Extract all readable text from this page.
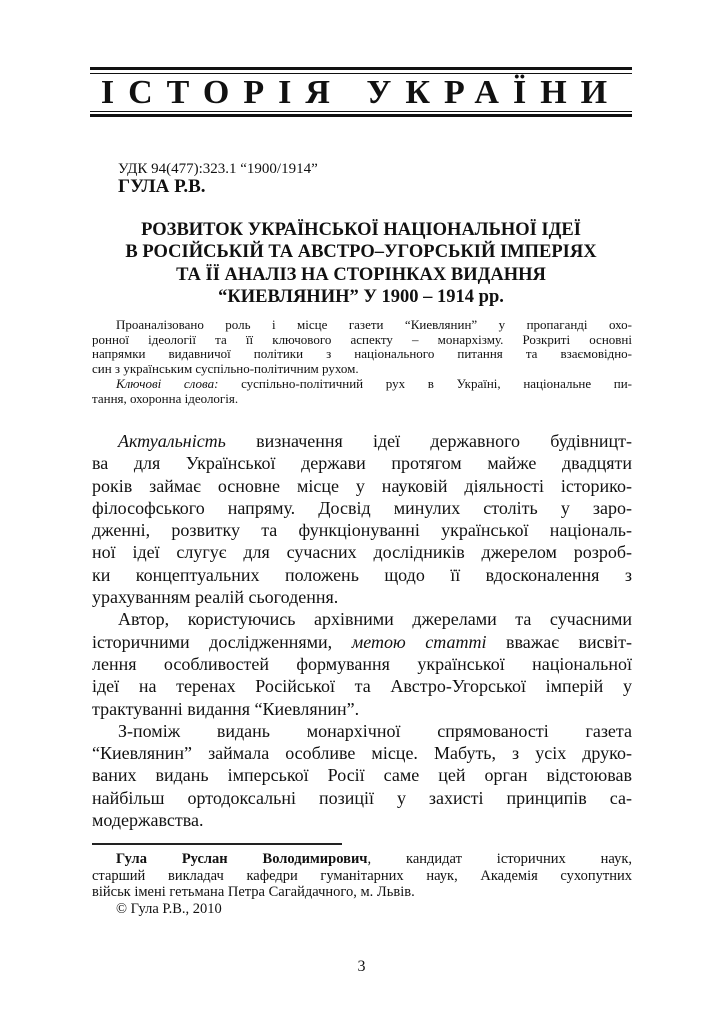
ІСТОРІЯ УКРАЇНИ
УДК 94(477):323.1 “1900/1914”
ГУЛА Р.В.
РОЗВИТОК УКРАЇНСЬКОЇ НАЦІОНАЛЬНОЇ ІДЕЇ
В РОСІЙСЬКІЙ ТА АВСТРО–УГОРСЬКІЙ ІМПЕРІЯХ
ТА ЇЇ АНАЛІЗ НА СТОРІНКАХ ВИДАННЯ
“КИЕВЛЯНИН” У 1900 – 1914 рр.
Проаналізовано роль і місце газети “Киевлянин” у пропаганді охо-
ронної ідеології та її ключового аспекту – монархізму. Розкриті основні
напрямки видавничої політики з національного питання та взаємовідно-
син з українським суспільно-політичним рухом.
Ключові слова: суспільно-політичний рух в Україні, національне пи-
тання, охоронна ідеологія.
Актуальність визначення ідеї державного будівницт-
ва для Української держави протягом майже двадцяти
років займає основне місце у науковій діяльності історико-
філософського напряму. Досвід минулих століть у заро-
дженні, розвитку та функціонуванні української національ-
ної ідеї слугує для сучасних дослідників джерелом розроб-
ки концептуальних положень щодо її вдосконалення з
урахуванням реалій сьогодення.
Автор, користуючись архівними джерелами та сучасними
історичними дослідженнями, метою статті вважає висвіт-
лення особливостей формування української національної
ідеї на теренах Російської та Австро-Угорської імперій у
трактуванні видання “Киевлянин”.
З-поміж видань монархічної спрямованості газета
“Киевлянин” займала особливе місце. Мабуть, з усіх друко-
ваних видань імперської Росії саме цей орган відстоював
найбільш ортодоксальні позиції у захисті принципів са-
модержавства.
Гула Руслан Володимирович, кандидат історичних наук,
старший викладач кафедри гуманітарних наук, Академія сухопутних
військ імені гетьмана Петра Сагайдачного, м. Львів.
© Гула Р.В., 2010
3
